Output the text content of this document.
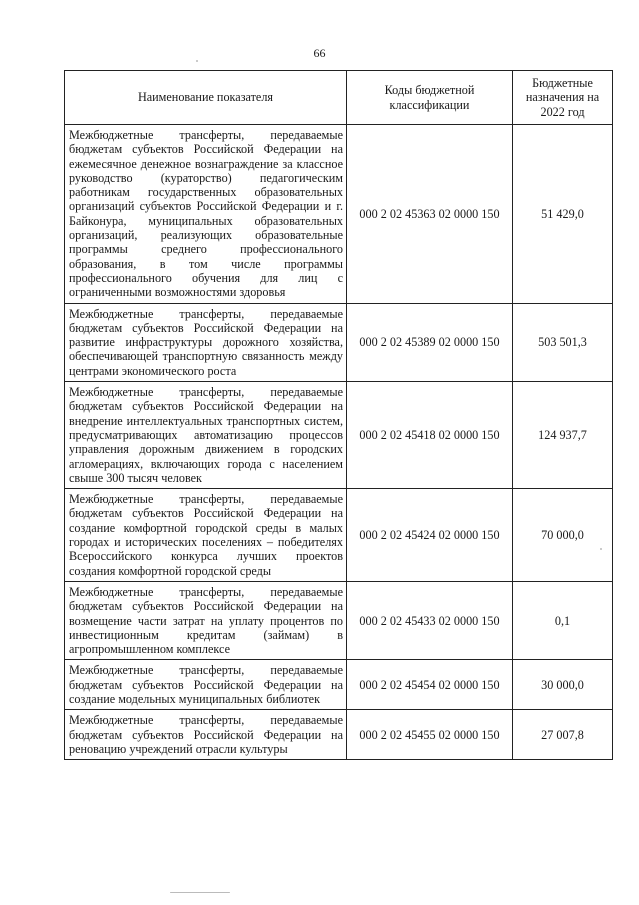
66
Наименование показателя	Коды бюджетной классификации	Бюджетные назначения на 2022 год
Межбюджетные трансферты, передаваемые бюджетам субъектов Российской Федерации на ежемесячное денежное вознаграждение за классное руководство (кураторство) педагогическим работникам государственных образовательных организаций субъектов Российской Федерации и г. Байконура, муниципальных образовательных организаций, реализующих образовательные программы среднего профессионального образования, в том числе программы профессионального обучения для лиц с ограниченными возможностями здоровья	000 2 02 45363 02 0000 150	51 429,0
Межбюджетные трансферты, передаваемые бюджетам субъектов Российской Федерации на развитие инфраструктуры дорожного хозяйства, обеспечивающей транспортную связанность между центрами экономического роста	000 2 02 45389 02 0000 150	503 501,3
Межбюджетные трансферты, передаваемые бюджетам субъектов Российской Федерации на внедрение интеллектуальных транспортных систем, предусматривающих автоматизацию процессов управления дорожным движением в городских агломерациях, включающих города с населением свыше 300 тысяч человек	000 2 02 45418 02 0000 150	124 937,7
Межбюджетные трансферты, передаваемые бюджетам субъектов Российской Федерации на создание комфортной городской среды в малых городах и исторических поселениях – победителях Всероссийского конкурса лучших проектов создания комфортной городской среды	000 2 02 45424 02 0000 150	70 000,0
Межбюджетные трансферты, передаваемые бюджетам субъектов Российской Федерации на возмещение части затрат на уплату процентов по инвестиционным кредитам (займам) в агропромышленном комплексе	000 2 02 45433 02 0000 150	0,1
Межбюджетные трансферты, передаваемые бюджетам субъектов Российской Федерации на создание модельных муниципальных библиотек	000 2 02 45454 02 0000 150	30 000,0
Межбюджетные трансферты, передаваемые бюджетам субъектов Российской Федерации на реновацию учреждений отрасли культуры	000 2 02 45455 02 0000 150	27 007,8
